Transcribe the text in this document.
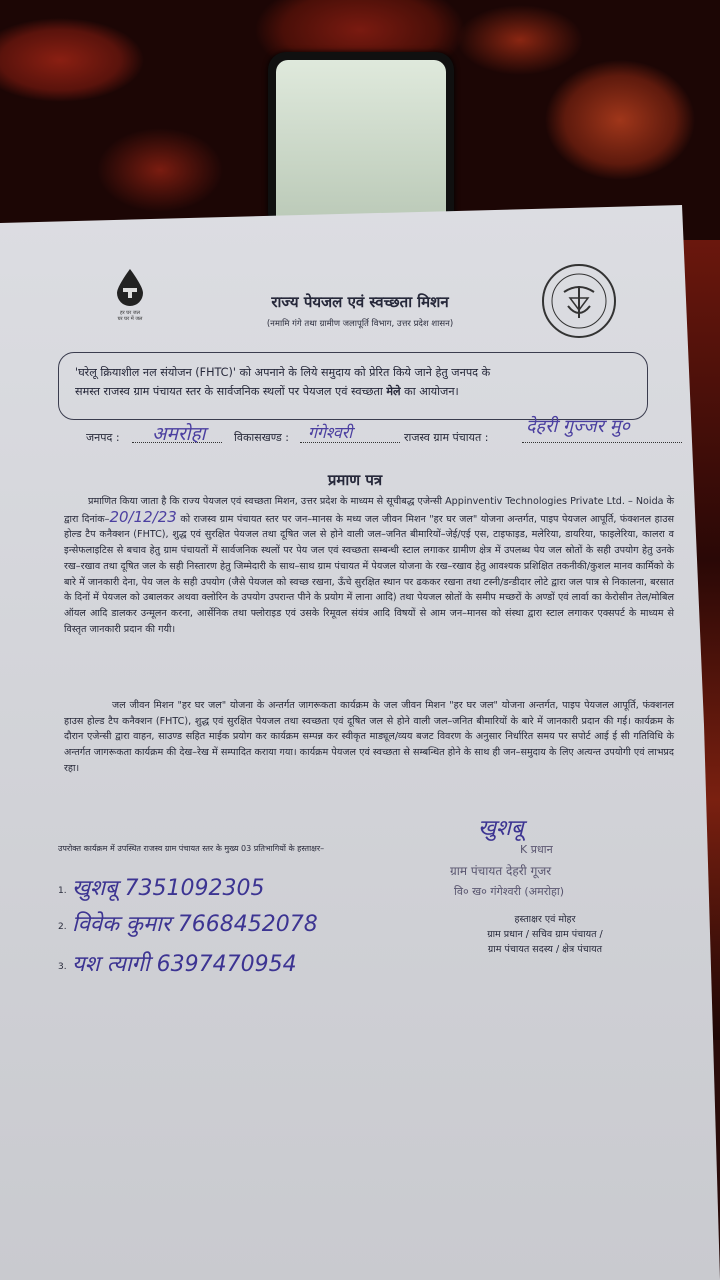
हर घर जल
घर घर में जल
राज्य पेयजल एवं स्वच्छता मिशन
(नमामि गंगे तथा ग्रामीण जलापूर्ति विभाग, उत्तर प्रदेश शासन)
'घरेलू क्रियाशील नल संयोजन (FHTC)' को अपनाने के लिये समुदाय को प्रेरित किये जाने हेतु जनपद के
समस्त राजस्व ग्राम पंचायत स्तर के सार्वजनिक स्थलों पर पेयजल एवं स्वच्छता मेले का आयोजन।
जनपद : अमरोहा	विकासखण्ड : गंगेश्वरी	राजस्व ग्राम पंचायत :
देहरी गुज्जर मु०
प्रमाण पत्र
प्रमाणित किया जाता है कि राज्य पेयजल एवं स्वच्छता मिशन, उत्तर प्रदेश के माध्यम से सूचीबद्ध एजेन्सी Appinventiv Technologies Private Ltd. – Noida के द्वारा दिनांक–20/12/23 को राजस्व ग्राम पंचायत स्तर पर जन–मानस के मध्य जल जीवन मिशन "हर घर जल" योजना अन्तर्गत, पाइप पेयजल आपूर्ति, फंक्शनल हाउस होल्ड टैप कनैक्शन (FHTC), शुद्ध एवं सुरक्षित पेयजल तथा दूषित जल से होने वाली जल–जनित बीमारियों–जेई/एई एस, टाइफाइड, मलेरिया, डायरिया, फाइलेरिया, कालरा व इन्सेफलाइटिस से बचाव हेतु ग्राम पंचायतों में सार्वजनिक स्थलों पर पेय जल एवं स्वच्छता सम्बन्धी स्टाल लगाकर ग्रामीण क्षेत्र में उपलब्ध पेय जल स्रोतों के सही उपयोग हेतु उनके रख–रखाव तथा दूषित जल के सही निस्तारण हेतु जिम्मेदारी के साथ–साथ ग्राम पंचायत में पेयजल योजना के रख–रखाव हेतु आवश्यक प्रशिक्षित तकनीकी/कुशल मानव कार्मिको के बारे में जानकारी देना, पेय जल के सही उपयोग (जैसे पेयजल को स्वच्छ रखना, ऊँचे सुरक्षित स्थान पर ढककर रखना तथा टस्नी/डन्डीदार लोटे द्वारा जल पात्र से निकालना, बरसात के दिनों में पेयजल को उबालकर अथवा क्लोरिन के उपयोग उपरान्त पीने के प्रयोग में लाना आदि) तथा पेयजल स्रोतों के समीप मच्छरों के अण्डों एवं लार्वा का केरोसीन तेल/मोबिल ऑयल आदि डालकर उन्मूलन करना, आर्सेनिक तथा फ्लोराइड एवं उसके रिमूवल संयंत्र आदि विषयों से आम जन–मानस को संस्था द्वारा स्टाल लगाकर एक्सपर्ट के माध्यम से विस्तृत जानकारी प्रदान की गयी।
जल जीवन मिशन "हर घर जल" योजना के अन्तर्गत जागरूकता कार्यक्रम के जल जीवन मिशन "हर घर जल" योजना अन्तर्गत, पाइप पेयजल आपूर्ति, फंक्शनल हाउस होल्ड टैप कनैक्शन (FHTC), शुद्ध एवं सुरक्षित पेयजल तथा स्वच्छता एवं दूषित जल से होने वाली जल–जनित बीमारियों के बारे में जानकारी प्रदान की गई। कार्यक्रम के दौरान एजेन्सी द्वारा वाहन, साउण्ड सहित माईक प्रयोग कर कार्यक्रम सम्पन्न कर स्वीकृत माड्यूल/व्यय बजट विवरण के अनुसार निर्धारित समय पर सपोर्ट आई ई सी गतिविधि के अन्तर्गत जागरूकता कार्यक्रम की देख–रेख में सम्पादित कराया गया। कार्यक्रम पेयजल एवं स्वच्छता से सम्बन्धित होने के साथ ही जन–समुदाय के लिए अत्यन्त उपयोगी एवं लाभप्रद रहा।
उपरोक्त कार्यक्रम में उपस्थित राजस्व ग्राम पंचायत स्तर के मुख्य 03 प्रतिभागियों के हस्ताक्षर–
1. खुशबू 7351092305
2. विवेक कुमार 7668452078
3. यश त्यागी 6397470954
खुशबू
K प्रधान
ग्राम पंचायत देहरी गूजर
वि० ख० गंगेश्वरी (अमरोहा)
हस्ताक्षर एवं मोहर
ग्राम प्रधान / सचिव ग्राम पंचायत /
ग्राम पंचायत सदस्य / क्षेत्र पंचायत
